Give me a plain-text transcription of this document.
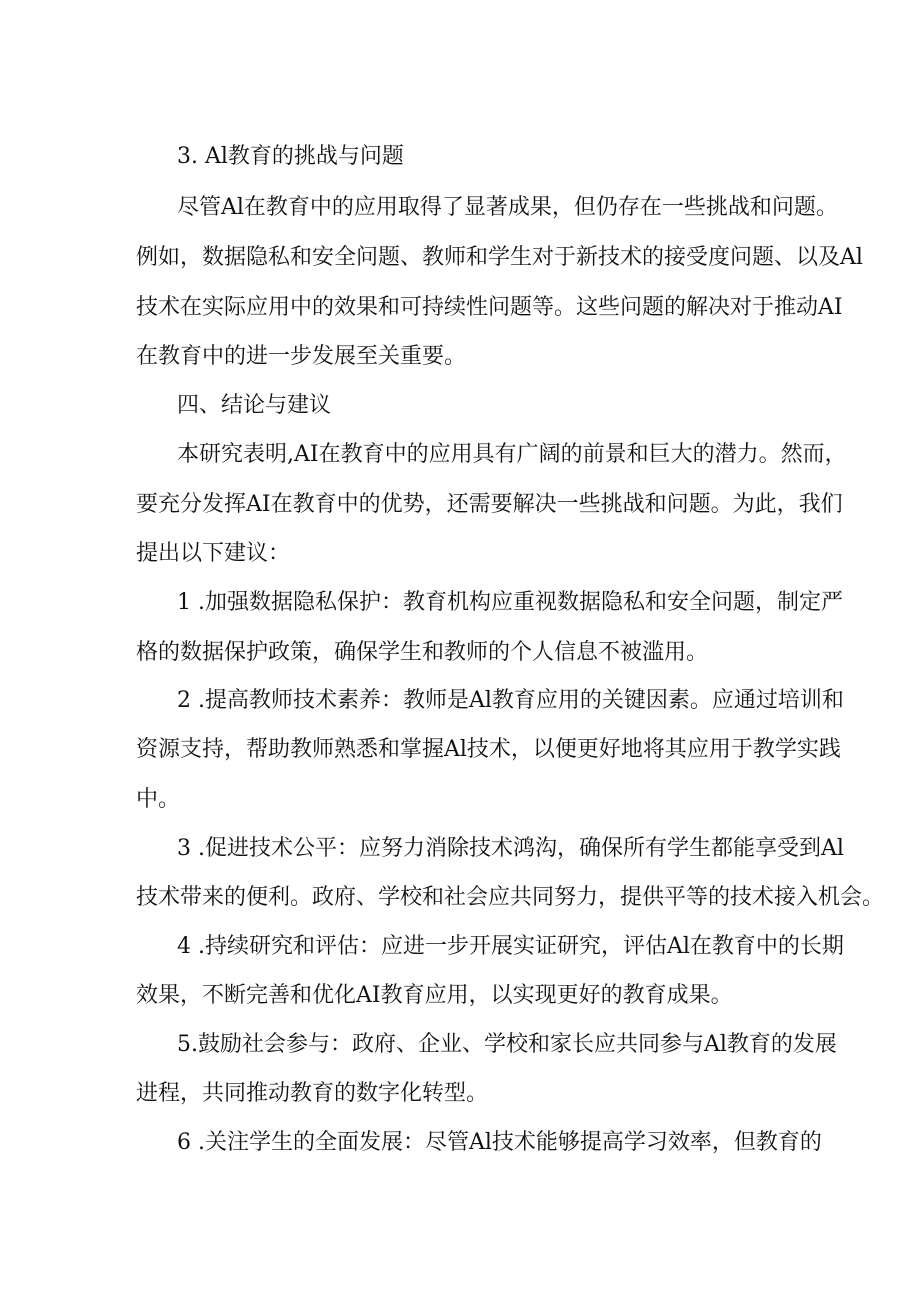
3. Al教育的挑战与问题
尽管Al在教育中的应用取得了显著成果，但仍存在一些挑战和问题。
例如，数据隐私和安全问题、教师和学生对于新技术的接受度问题、以及Al
技术在实际应用中的效果和可持续性问题等。这些问题的解决对于推动AI
在教育中的进一步发展至关重要。
四、结论与建议
本研究表明,AI在教育中的应用具有广阔的前景和巨大的潜力。然而，
要充分发挥AI在教育中的优势，还需要解决一些挑战和问题。为此，我们
提出以下建议：
1 .加强数据隐私保护：教育机构应重视数据隐私和安全问题，制定严
格的数据保护政策，确保学生和教师的个人信息不被滥用。
2 .提高教师技术素养：教师是Al教育应用的关键因素。应通过培训和
资源支持，帮助教师熟悉和掌握Al技术，以便更好地将其应用于教学实践
中。
3 .促进技术公平：应努力消除技术鸿沟，确保所有学生都能享受到Al
技术带来的便利。政府、学校和社会应共同努力，提供平等的技术接入机会。
4 .持续研究和评估：应进一步开展实证研究，评估Al在教育中的长期
效果，不断完善和优化AI教育应用，以实现更好的教育成果。
5.鼓励社会参与：政府、企业、学校和家长应共同参与Al教育的发展
进程，共同推动教育的数字化转型。
6 .关注学生的全面发展：尽管Al技术能够提高学习效率，但教育的
